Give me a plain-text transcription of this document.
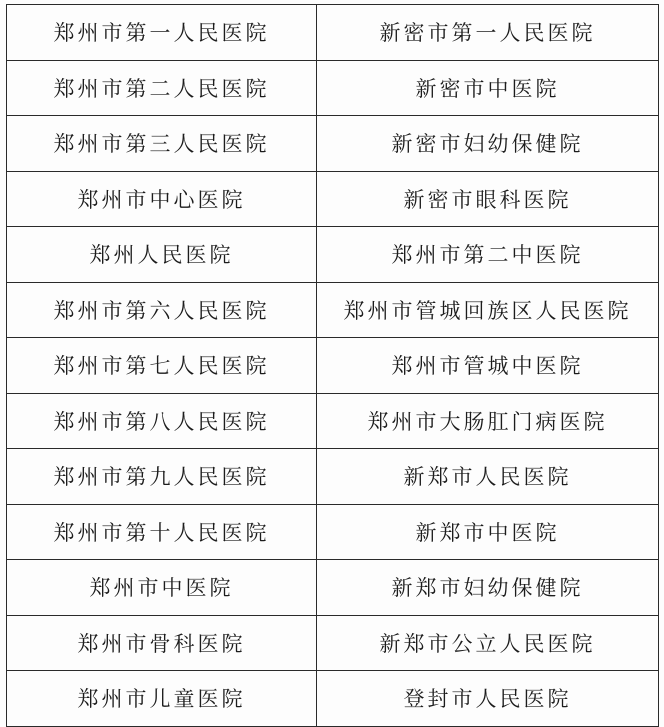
郑州市第一人民医院	新密市第一人民医院
郑州市第二人民医院	新密市中医院
郑州市第三人民医院	新密市妇幼保健院
郑州市中心医院	新密市眼科医院
郑州人民医院	郑州市第二中医院
郑州市第六人民医院	郑州市管城回族区人民医院
郑州市第七人民医院	郑州市管城中医院
郑州市第八人民医院	郑州市大肠肛门病医院
郑州市第九人民医院	新郑市人民医院
郑州市第十人民医院	新郑市中医院
郑州市中医院	新郑市妇幼保健院
郑州市骨科医院	新郑市公立人民医院
郑州市儿童医院	登封市人民医院
